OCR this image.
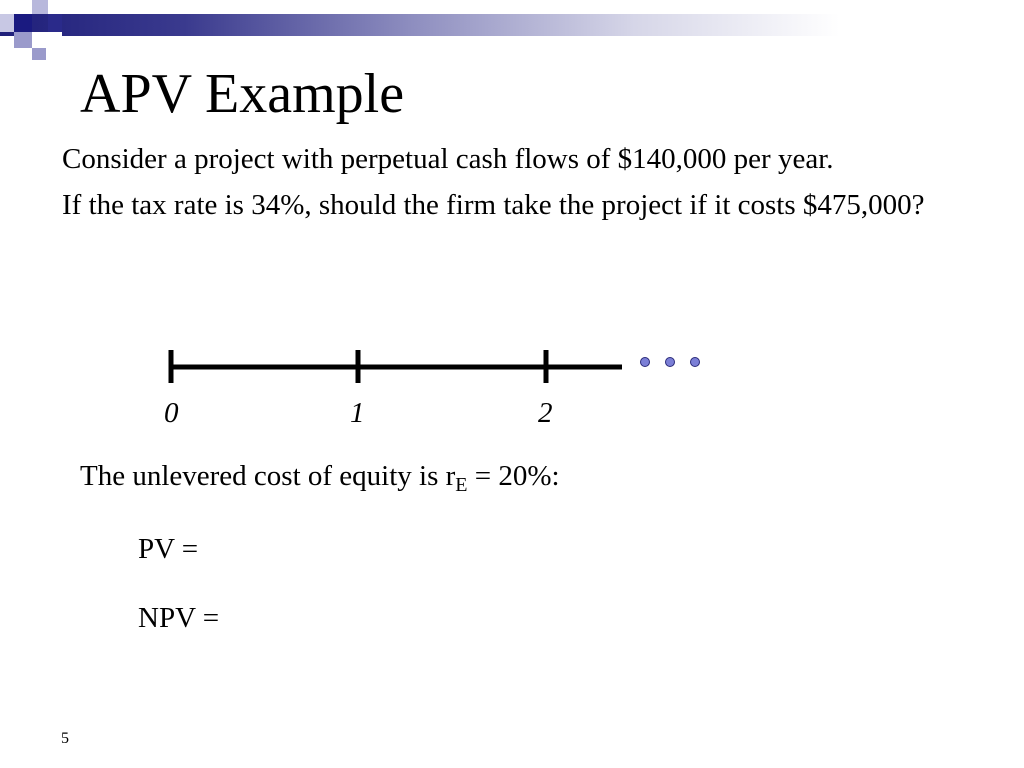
APV Example
Consider a project with perpetual cash flows of $140,000 per year.
If the tax rate is 34%, should the firm take the project if it costs $475,000?
0	1	2
The unlevered cost of equity is $r_E = 20\%$:
PV =
NPV =
5
